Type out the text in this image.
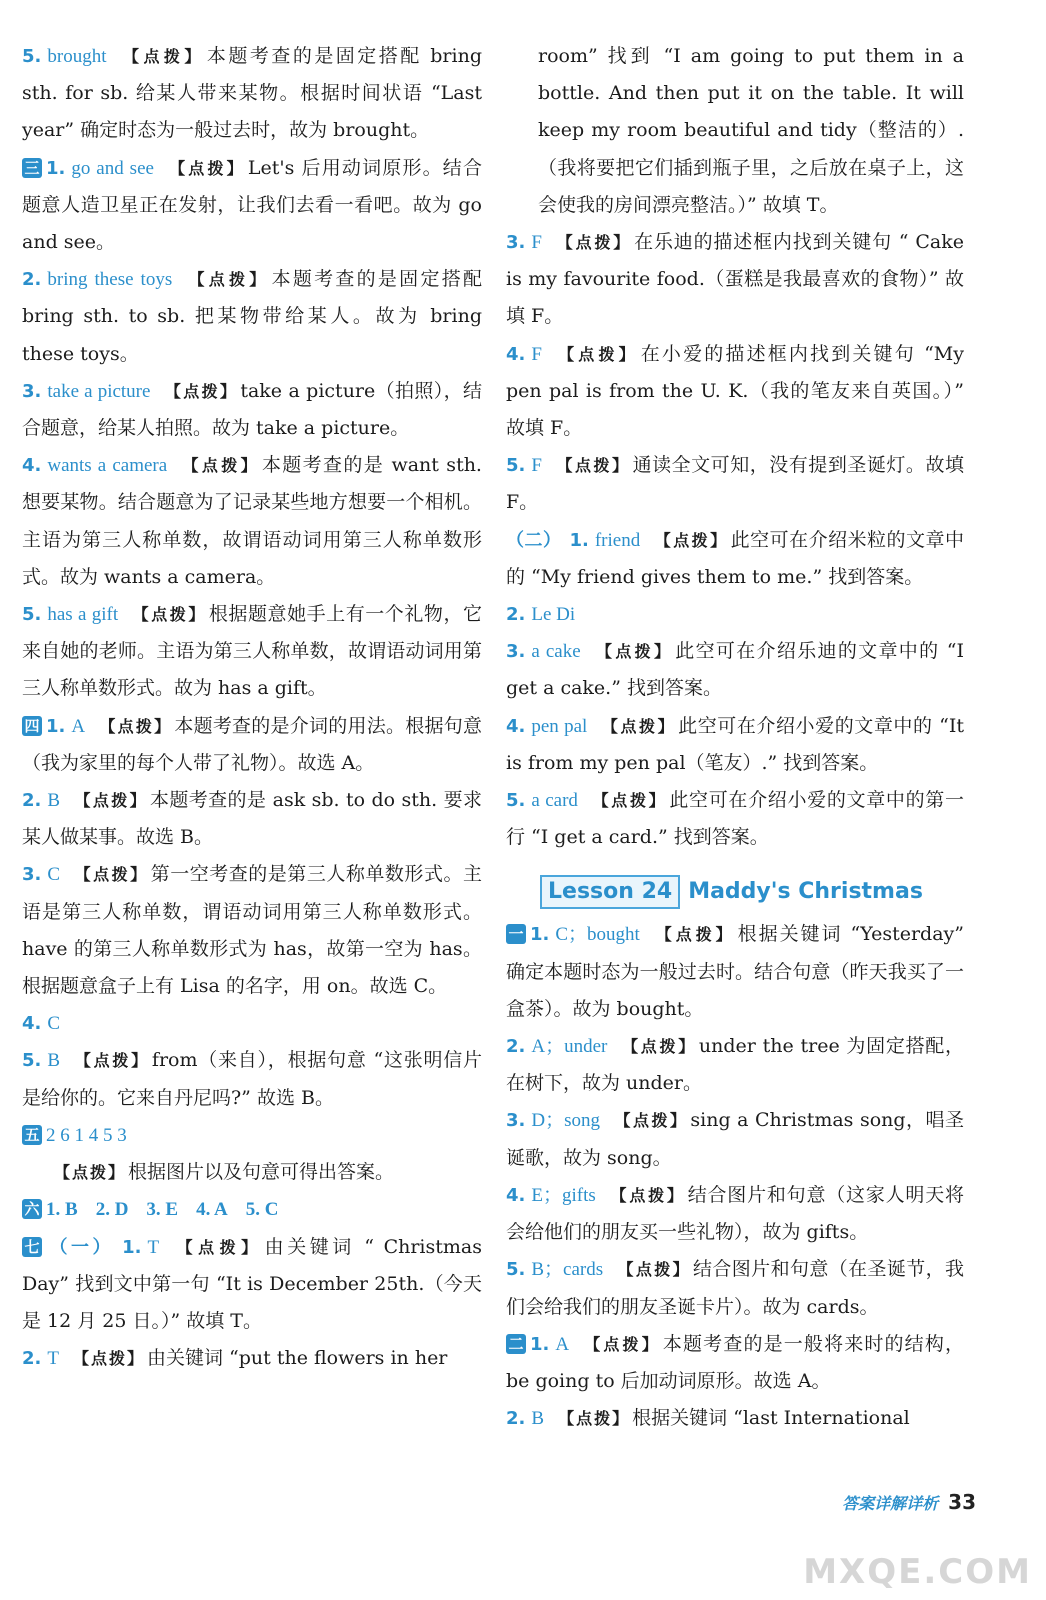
5. brought 【点拨】 本题考查的是固定搭配 bring sth. for sb. 给某人带来某物。根据时间状语 “Last year” 确定时态为一般过去时，故为 brought。

三 1. go and see 【点拨】 Let's 后用动词原形。结合题意人造卫星正在发射，让我们去看一看吧。故为 go and see。

2. bring these toys 【点拨】 本题考查的是固定搭配 bring sth. to sb. 把某物带给某人。故为 bring these toys。

3. take a picture 【点拨】 take a picture（拍照），结合题意，给某人拍照。故为 take a picture。

4. wants a camera 【点拨】 本题考查的是 want sth. 想要某物。结合题意为了记录某些地方想要一个相机。主语为第三人称单数，故谓语动词用第三人称单数形式。故为 wants a camera。

5. has a gift 【点拨】 根据题意她手上有一个礼物，它来自她的老师。主语为第三人称单数，故谓语动词用第三人称单数形式。故为 has a gift。

四 1. A 【点拨】 本题考查的是介词的用法。根据句意（我为家里的每个人带了礼物）。故选 A。

2. B 【点拨】 本题考查的是 ask sb. to do sth. 要求某人做某事。故选 B。

3. C 【点拨】 第一空考查的是第三人称单数形式。主语是第三人称单数，谓语动词用第三人称单数形式。have 的第三人称单数形式为 has，故第一空为 has。根据题意盒子上有 Lisa 的名字，用 on。故选 C。

4. C

5. B 【点拨】 from（来自），根据句意 “这张明信片是给你的。它来自丹尼吗?” 故选 B。

五 2 6 1 4 5 3

【点拨】 根据图片以及句意可得出答案。

六 1. B 2. D 3. E 4. A 5. C

七 （一） 1. T 【点拨】 由关键词 “ Christmas Day” 找到文中第一句 “It is December 25th.（今天是 12 月 25 日。）” 故填 T。

2. T 【点拨】 由关键词 “put the flowers in her

room” 找到 “I am going to put them in a bottle. And then put it on the table. It will keep my room beautiful and tidy（整洁的）.（我将要把它们插到瓶子里，之后放在桌子上，这会使我的房间漂亮整洁。）” 故填 T。

3. F 【点拨】 在乐迪的描述框内找到关键句 “ Cake is my favourite food.（蛋糕是我最喜欢的食物）” 故填 F。

4. F 【点拨】 在小爱的描述框内找到关键句 “My pen pal is from the U. K.（我的笔友来自英国。）” 故填 F。

5. F 【点拨】 通读全文可知，没有提到圣诞灯。故填 F。

（二） 1. friend 【点拨】 此空可在介绍米粒的文章中的 “My friend gives them to me.” 找到答案。

2. Le Di

3. a cake 【点拨】 此空可在介绍乐迪的文章中的 “I get a cake.” 找到答案。

4. pen pal 【点拨】 此空可在介绍小爱的文章中的 “It is from my pen pal（笔友）.” 找到答案。

5. a card 【点拨】 此空可在介绍小爱的文章中的第一行 “I get a card.” 找到答案。

Lesson 24 Maddy's Christmas

一 1. C；bought 【点拨】 根据关键词 “Yesterday” 确定本题时态为一般过去时。结合句意（昨天我买了一盒茶）。故为 bought。

2. A；under 【点拨】 under the tree 为固定搭配，在树下，故为 under。

3. D；song 【点拨】 sing a Christmas song，唱圣诞歌，故为 song。

4. E；gifts 【点拨】 结合图片和句意（这家人明天将会给他们的朋友买一些礼物），故为 gifts。

5. B；cards 【点拨】 结合图片和句意（在圣诞节，我们会给我们的朋友圣诞卡片）。故为 cards。

二 1. A 【点拨】 本题考查的是一般将来时的结构，be going to 后加动词原形。故选 A。

2. B 【点拨】 根据关键词 “last International

答案详解详析 33
MXQE.COM
